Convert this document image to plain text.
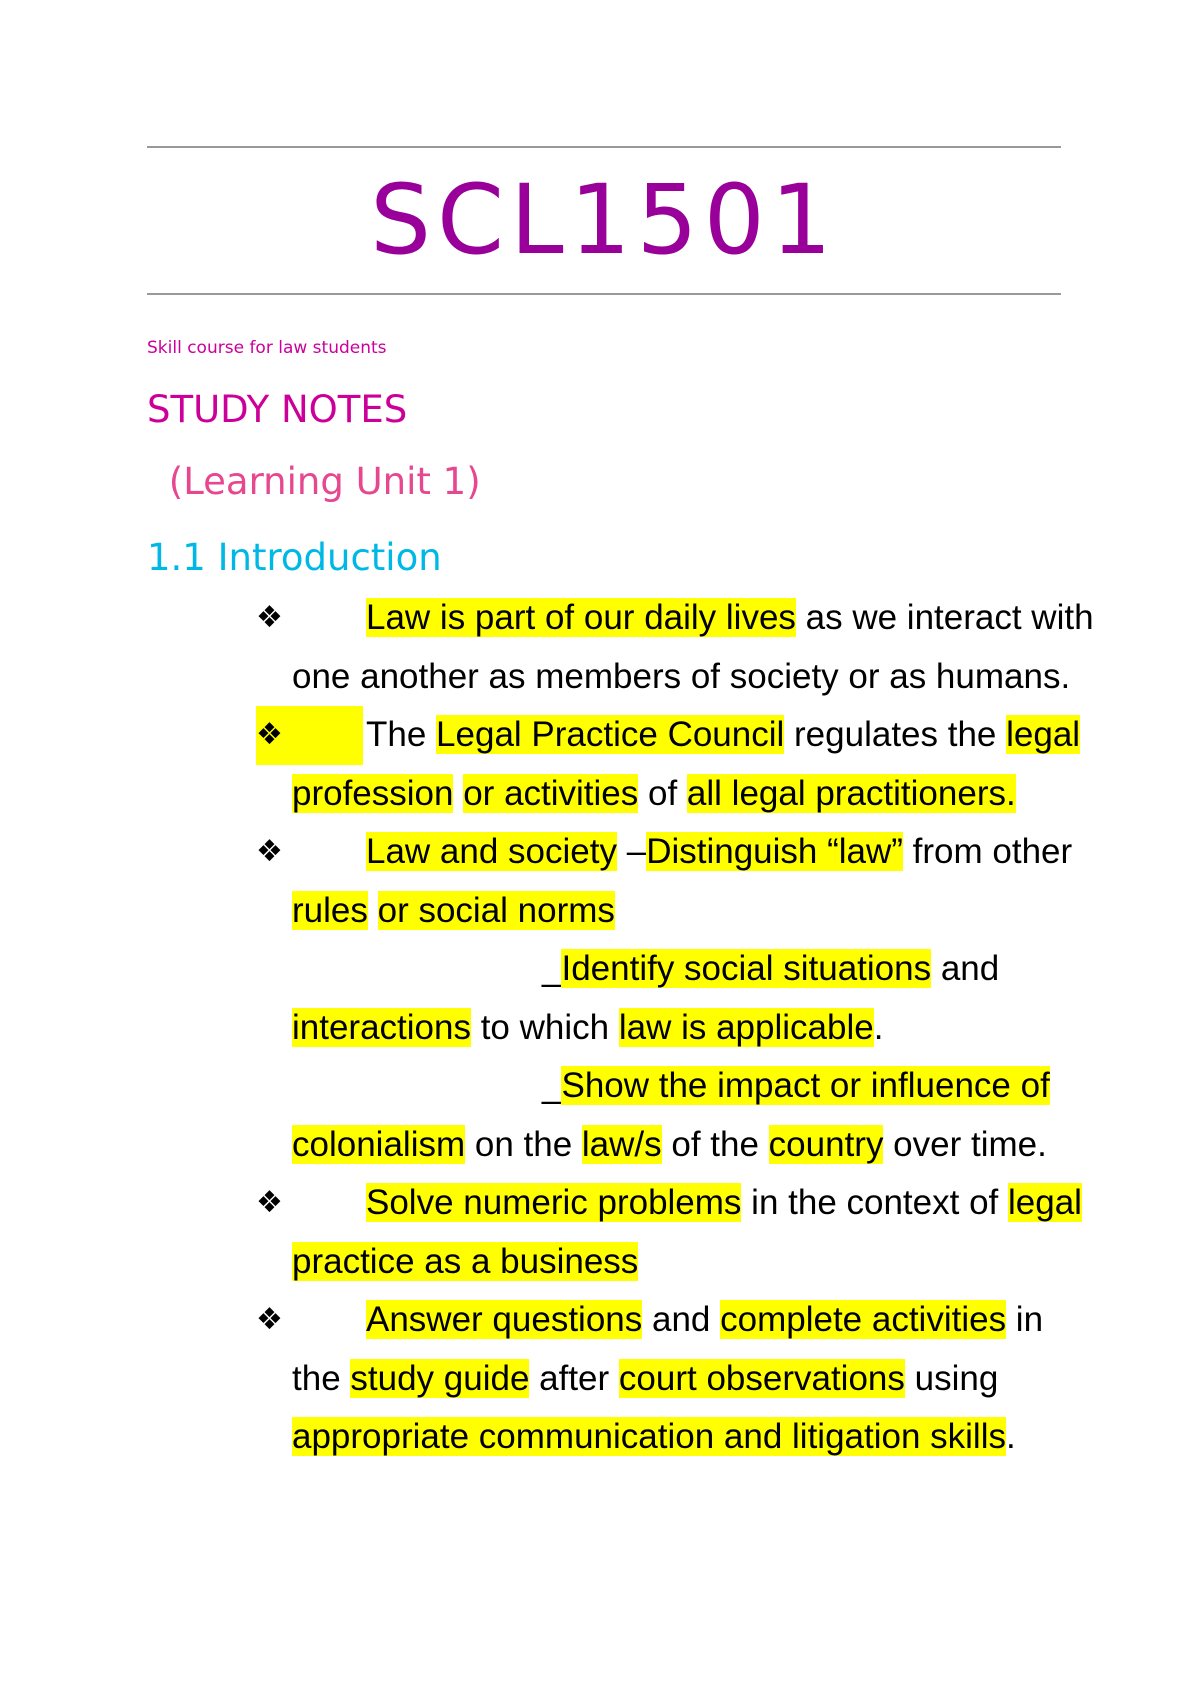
SCL1501
Skill course for law students
STUDY NOTES
(Learning Unit 1)
1.1 Introduction
❖	Law is part of our daily lives as we interact with
one another as members of society or as humans.
❖	The Legal Practice Council regulates the legal
profession or activities of all legal practitioners.
❖	Law and society –Distinguish “law” from other
rules or social norms
_Identify social situations and
interactions to which law is applicable.
_Show the impact or influence of
colonialism on the law/s of the country over time.
❖	Solve numeric problems in the context of legal
practice as a business
❖	Answer questions and complete activities in
the study guide after court observations using
appropriate communication and litigation skills.
